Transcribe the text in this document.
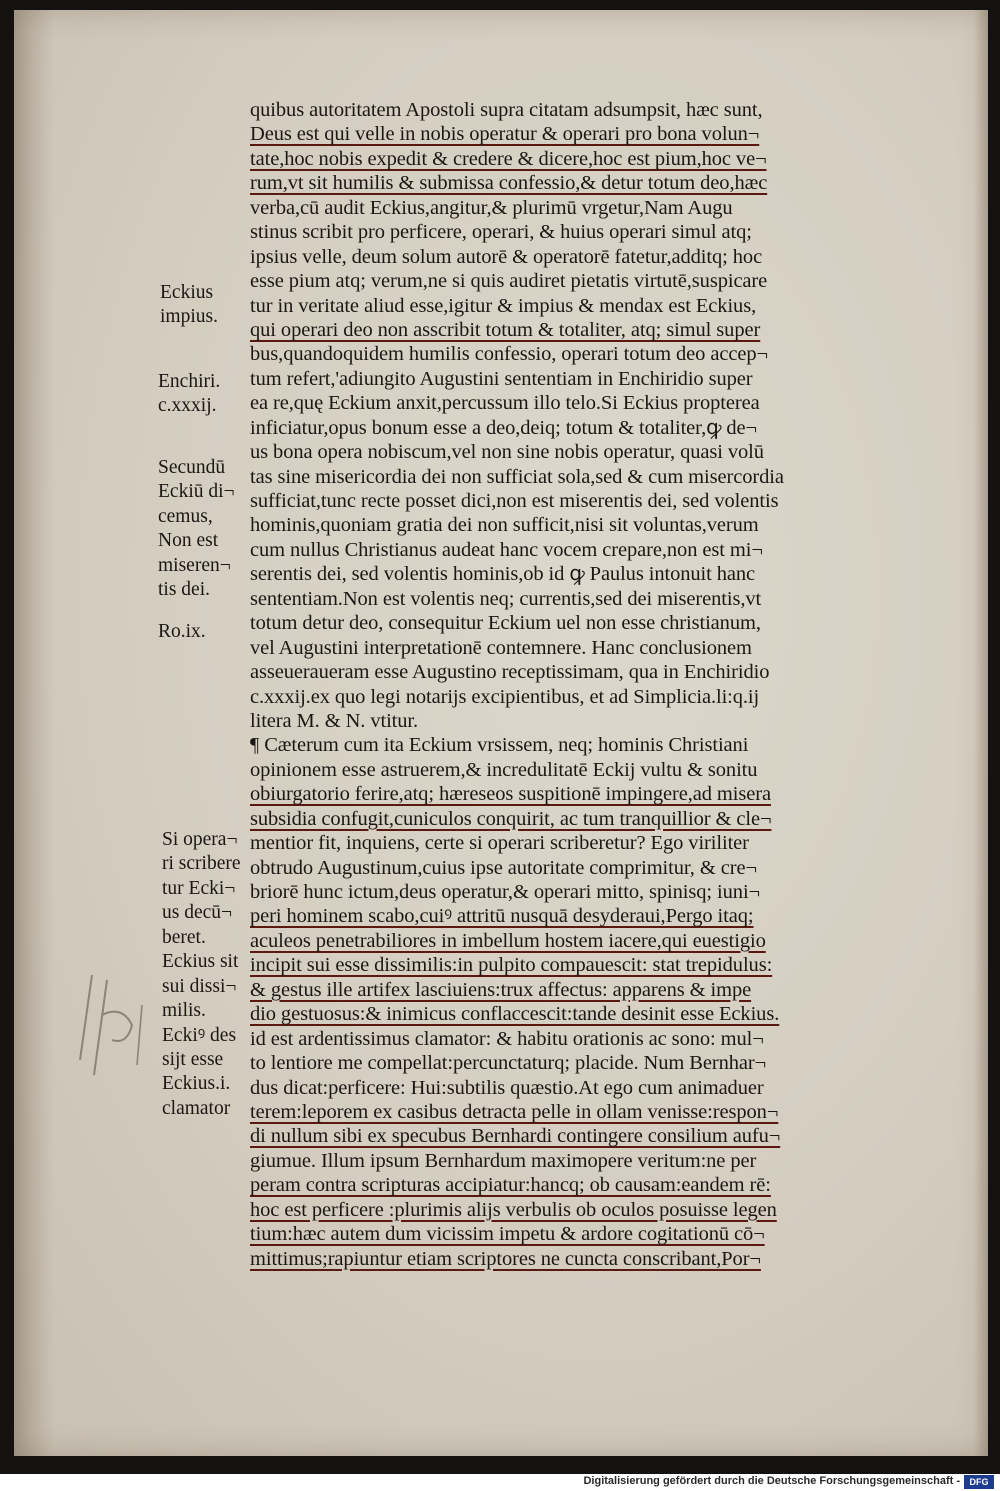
quibus autoritatem Apostoli supra citatam adsumpsit, hæc sunt,
Deus est qui velle in nobis operatur & operari pro bona volun¬
tate,hoc nobis expedit & credere & dicere,hoc est pium,hoc ve¬
rum,vt sit humilis & submissa confessio,& detur totum deo,hæc
verba,cū audit Eckius,angitur,& plurimū vrgetur,Nam Augu
stinus scribit pro perficere, operari, & huius operari simul atq;
ipsius velle, deum solum autorē & operatorē fatetur,additq; hoc
esse pium atq; verum,ne si quis audiret pietatis virtutē,suspicare
tur in veritate aliud esse,igitur & impius & mendax est Eckius,
qui operari deo non asscribit totum & totaliter, atq; simul super
bus,quandoquidem humilis confessio, operari totum deo accep¬
tum refert,'adiungito Augustini sententiam in Enchiridio super
ea re,quę Eckium anxit,percussum illo telo.Si Eckius propterea
inficiatur,opus bonum esse a deo,deiq; totum & totaliter,ꝙ de¬
us bona opera nobiscum,vel non sine nobis operatur, quasi volū
tas sine misericordia dei non sufficiat sola,sed & cum misercordia
sufficiat,tunc recte posset dici,non est miserentis dei, sed volentis
hominis,quoniam gratia dei non sufficit,nisi sit voluntas,verum
cum nullus Christianus audeat hanc vocem crepare,non est mi¬
serentis dei, sed volentis hominis,ob id ꝙ Paulus intonuit hanc
sententiam.Non est volentis neq; currentis,sed dei miserentis,vt
totum detur deo, consequitur Eckium uel non esse christianum,
vel Augustini interpretationē contemnere. Hanc conclusionem
asseueraueram esse Augustino receptissimam, qua in Enchiridio
c.xxxij.ex quo legi notarijs excipientibus, et ad Simplicia.li:q.ij
litera M. & N. vtitur.
¶ Cæterum cum ita Eckium vrsissem, neq; hominis Christiani
opinionem esse astruerem,& incredulitatē Eckij vultu & sonitu
obiurgatorio ferire,atq; hæreseos suspitionē impingere,ad misera
subsidia confugit,cuniculos conquirit, ac tum tranquillior & cle¬
mentior fit, inquiens, certe si operari scriberetur? Ego viriliter
obtrudo Augustinum,cuius ipse autoritate comprimitur, & cre¬
briorē hunc ictum,deus operatur,& operari mitto, spinisq; iuni¬
peri hominem scabo,cuiꝰ attritū nusquā desyderaui,Pergo itaq;
aculeos penetrabiliores in imbellum hostem iacere,qui euestigio
incipit sui esse dissimilis:in pulpito compauescit: stat trepidulus:
& gestus ille artifex lasciuiens:trux affectus: apparens & impe
dio gestuosus:& inimicus conflaccescit:tande desinit esse Eckius.
id est ardentissimus clamator: & habitu orationis ac sono: mul¬
to lentiore me compellat:percunctaturq; placide. Num Bernhar¬
dus dicat:perficere: Hui:subtilis quæstio.At ego cum animaduer
terem:leporem ex casibus detracta pelle in ollam venisse:respon¬
di nullum sibi ex specubus Bernhardi contingere consilium aufu¬
giumue. Illum ipsum Bernhardum maximopere veritum:ne per
peram contra scripturas accipiatur:hancq; ob causam:eandem rē:
hoc est perficere :plurimis alijs verbulis ob oculos posuisse legen
tium:hæc autem dum vicissim impetu & ardore cogitationū cō¬
mittimus;rapiuntur etiam scriptores ne cuncta conscribant,Por¬
Eckius
impius.
Enchiri.
c.xxxij.
Secundū
Eckiū di¬
cemus,
Non est
miseren¬
tis dei.
Ro.ix.
Si opera¬
ri scribere
tur Ecki¬
us decū¬
beret.
Eckius sit
sui dissi¬
milis.
Eckiꝰ des
sijt esse
Eckius.i.
clamator
Digitalisierung gefördert durch die Deutsche Forschungsgemeinschaft -	DFG
